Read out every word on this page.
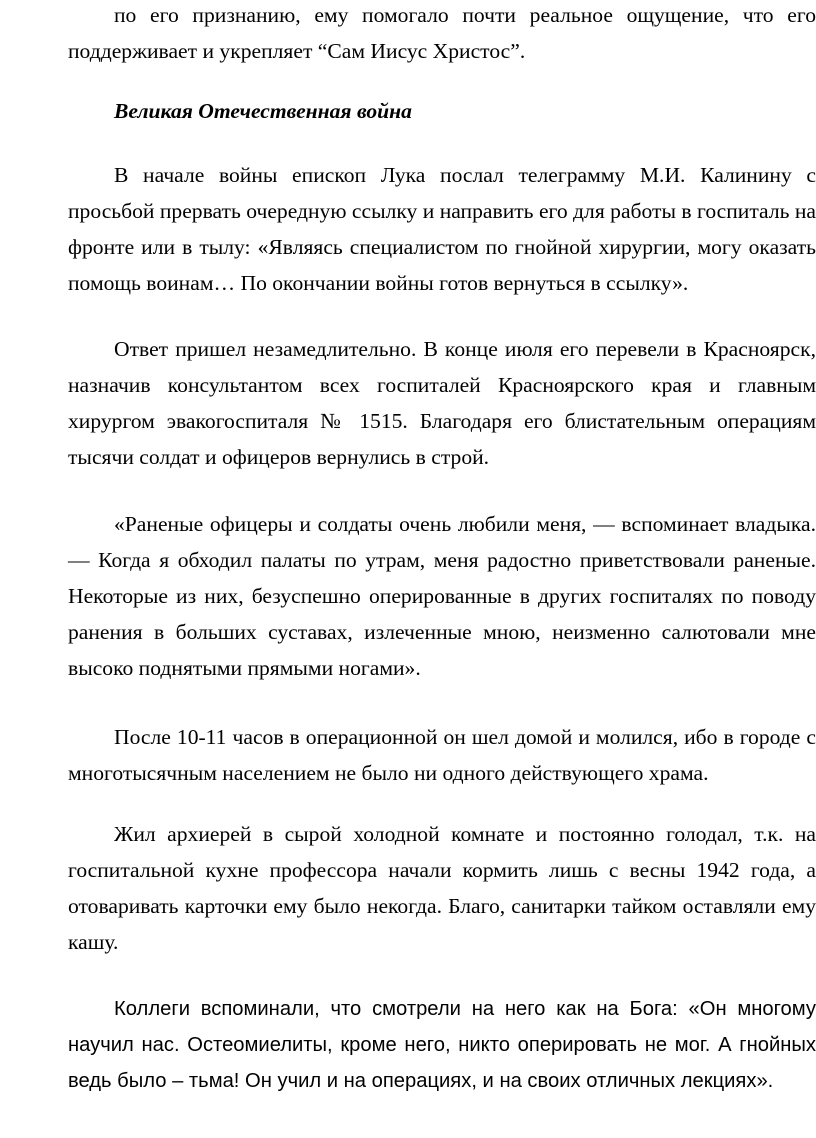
по его признанию, ему помогало почти реальное ощущение, что его поддерживает и укрепляет “Сам Иисус Христос”.

Великая Отечественная война

В начале войны епископ Лука послал телеграмму М.И. Калинину с просьбой прервать очередную ссылку и направить его для работы в госпиталь на фронте или в тылу: «Являясь специалистом по гнойной хирургии, могу оказать помощь воинам… По окончании войны готов вернуться в ссылку».

Ответ пришел незамедлительно. В конце июля его перевели в Красноярск, назначив консультантом всех госпиталей Красноярского края и главным хирургом эвакогоспиталя № 1515. Благодаря его блистательным операциям тысячи солдат и офицеров вернулись в строй.

«Раненые офицеры и солдаты очень любили меня, — вспоминает владыка. — Когда я обходил палаты по утрам, меня радостно приветствовали раненые. Некоторые из них, безуспешно оперированные в других госпиталях по поводу ранения в больших суставах, излеченные мною, неизменно салютовали мне высоко поднятыми прямыми ногами».

После 10-11 часов в операционной он шел домой и молился, ибо в городе с многотысячным населением не было ни одного действующего храма.

Жил архиерей в сырой холодной комнате и постоянно голодал, т.к. на госпитальной кухне профессора начали кормить лишь с весны 1942 года, а отоваривать карточки ему было некогда. Благо, санитарки тайком оставляли ему кашу.

Коллеги вспоминали, что смотрели на него как на Бога: «Он многому научил нас. Остеомиелиты, кроме него, никто оперировать не мог. А гнойных ведь было – тьма! Он учил и на операциях, и на своих отличных лекциях».
